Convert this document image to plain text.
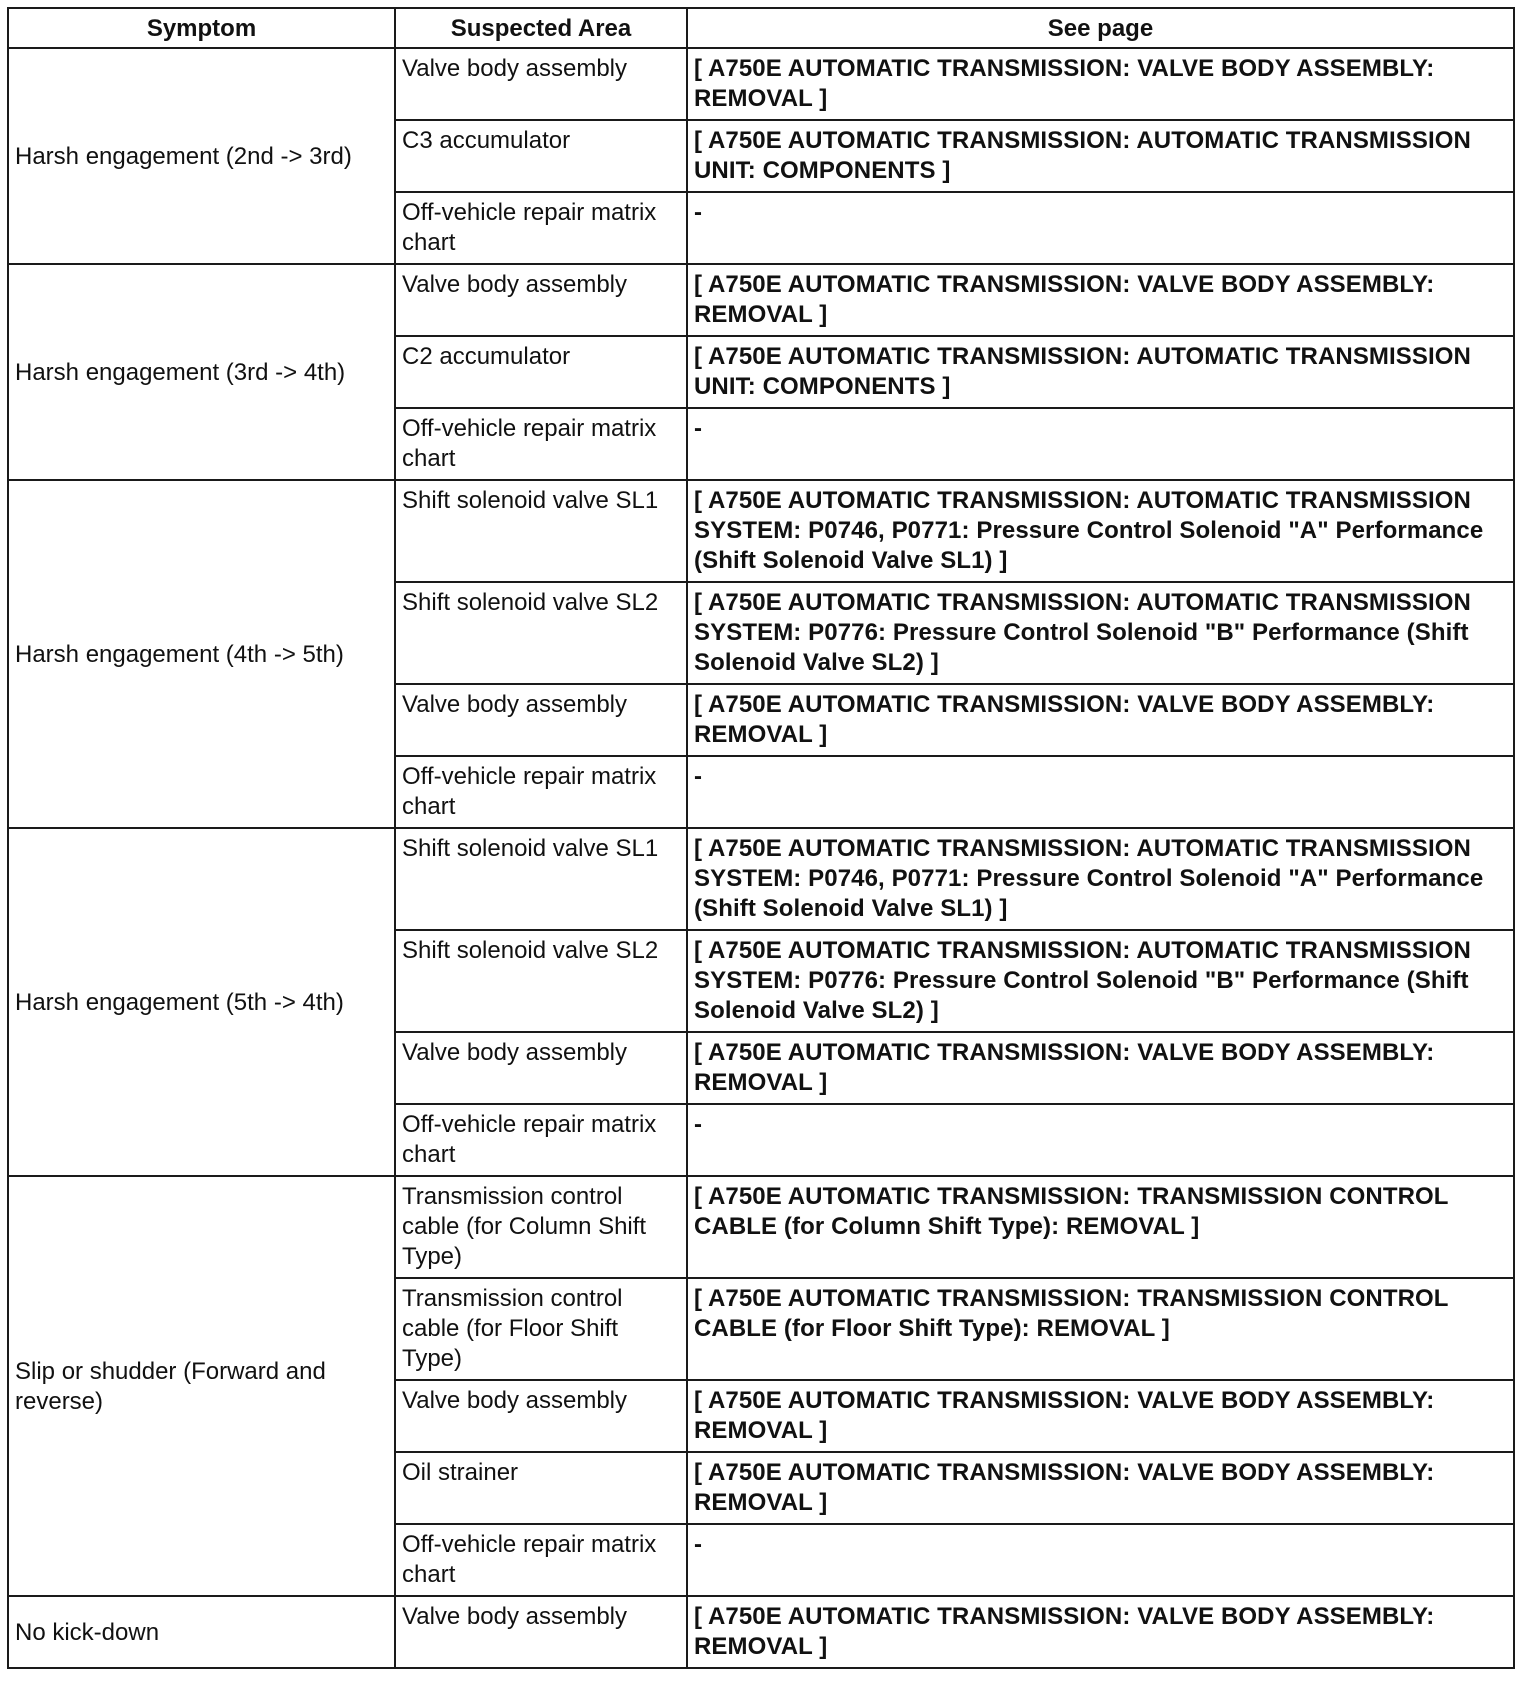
Symptom	Suspected Area	See page
Harsh engagement (2nd -> 3rd)	Valve body assembly	[ A750E AUTOMATIC TRANSMISSION: VALVE BODY ASSEMBLY: REMOVAL ]
	C3 accumulator	[ A750E AUTOMATIC TRANSMISSION: AUTOMATIC TRANSMISSION UNIT: COMPONENTS ]
	Off-vehicle repair matrix chart	-
Harsh engagement (3rd -> 4th)	Valve body assembly	[ A750E AUTOMATIC TRANSMISSION: VALVE BODY ASSEMBLY: REMOVAL ]
	C2 accumulator	[ A750E AUTOMATIC TRANSMISSION: AUTOMATIC TRANSMISSION UNIT: COMPONENTS ]
	Off-vehicle repair matrix chart	-
Harsh engagement (4th -> 5th)	Shift solenoid valve SL1	[ A750E AUTOMATIC TRANSMISSION: AUTOMATIC TRANSMISSION SYSTEM: P0746, P0771: Pressure Control Solenoid "A" Performance (Shift Solenoid Valve SL1) ]
	Shift solenoid valve SL2	[ A750E AUTOMATIC TRANSMISSION: AUTOMATIC TRANSMISSION SYSTEM: P0776: Pressure Control Solenoid "B" Performance (Shift Solenoid Valve SL2) ]
	Valve body assembly	[ A750E AUTOMATIC TRANSMISSION: VALVE BODY ASSEMBLY: REMOVAL ]
	Off-vehicle repair matrix chart	-
Harsh engagement (5th -> 4th)	Shift solenoid valve SL1	[ A750E AUTOMATIC TRANSMISSION: AUTOMATIC TRANSMISSION SYSTEM: P0746, P0771: Pressure Control Solenoid "A" Performance (Shift Solenoid Valve SL1) ]
	Shift solenoid valve SL2	[ A750E AUTOMATIC TRANSMISSION: AUTOMATIC TRANSMISSION SYSTEM: P0776: Pressure Control Solenoid "B" Performance (Shift Solenoid Valve SL2) ]
	Valve body assembly	[ A750E AUTOMATIC TRANSMISSION: VALVE BODY ASSEMBLY: REMOVAL ]
	Off-vehicle repair matrix chart	-
Slip or shudder (Forward and reverse)	Transmission control cable (for Column Shift Type)	[ A750E AUTOMATIC TRANSMISSION: TRANSMISSION CONTROL CABLE (for Column Shift Type): REMOVAL ]
	Transmission control cable (for Floor Shift Type)	[ A750E AUTOMATIC TRANSMISSION: TRANSMISSION CONTROL CABLE (for Floor Shift Type): REMOVAL ]
	Valve body assembly	[ A750E AUTOMATIC TRANSMISSION: VALVE BODY ASSEMBLY: REMOVAL ]
	Oil strainer	[ A750E AUTOMATIC TRANSMISSION: VALVE BODY ASSEMBLY: REMOVAL ]
	Off-vehicle repair matrix chart	-
No kick-down	Valve body assembly	[ A750E AUTOMATIC TRANSMISSION: VALVE BODY ASSEMBLY: REMOVAL ]
